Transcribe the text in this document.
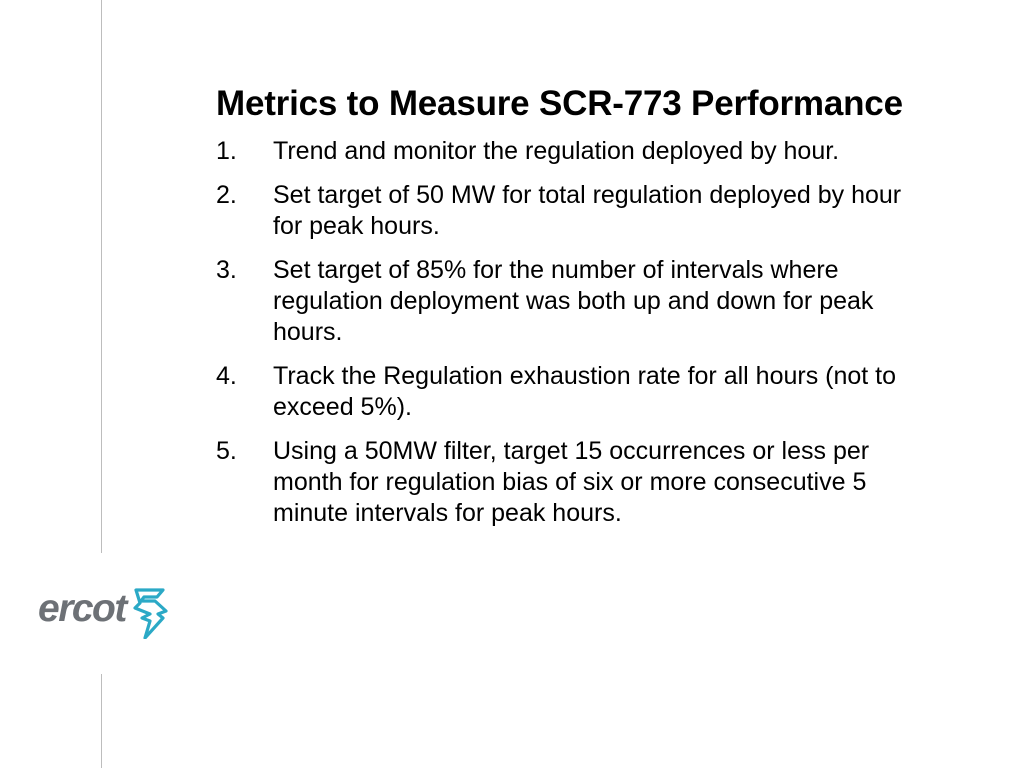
ercot
Metrics to Measure SCR-773 Performance
1. Trend and monitor the regulation deployed by hour.
2. Set target of 50 MW for total regulation deployed by hour for peak hours.
3. Set target of 85% for the number of intervals where regulation deployment was both up and down for peak hours.
4. Track the Regulation exhaustion rate for all hours (not to exceed 5%).
5. Using a 50MW filter, target 15 occurrences or less per month for regulation bias of six or more consecutive 5 minute intervals for peak hours.
